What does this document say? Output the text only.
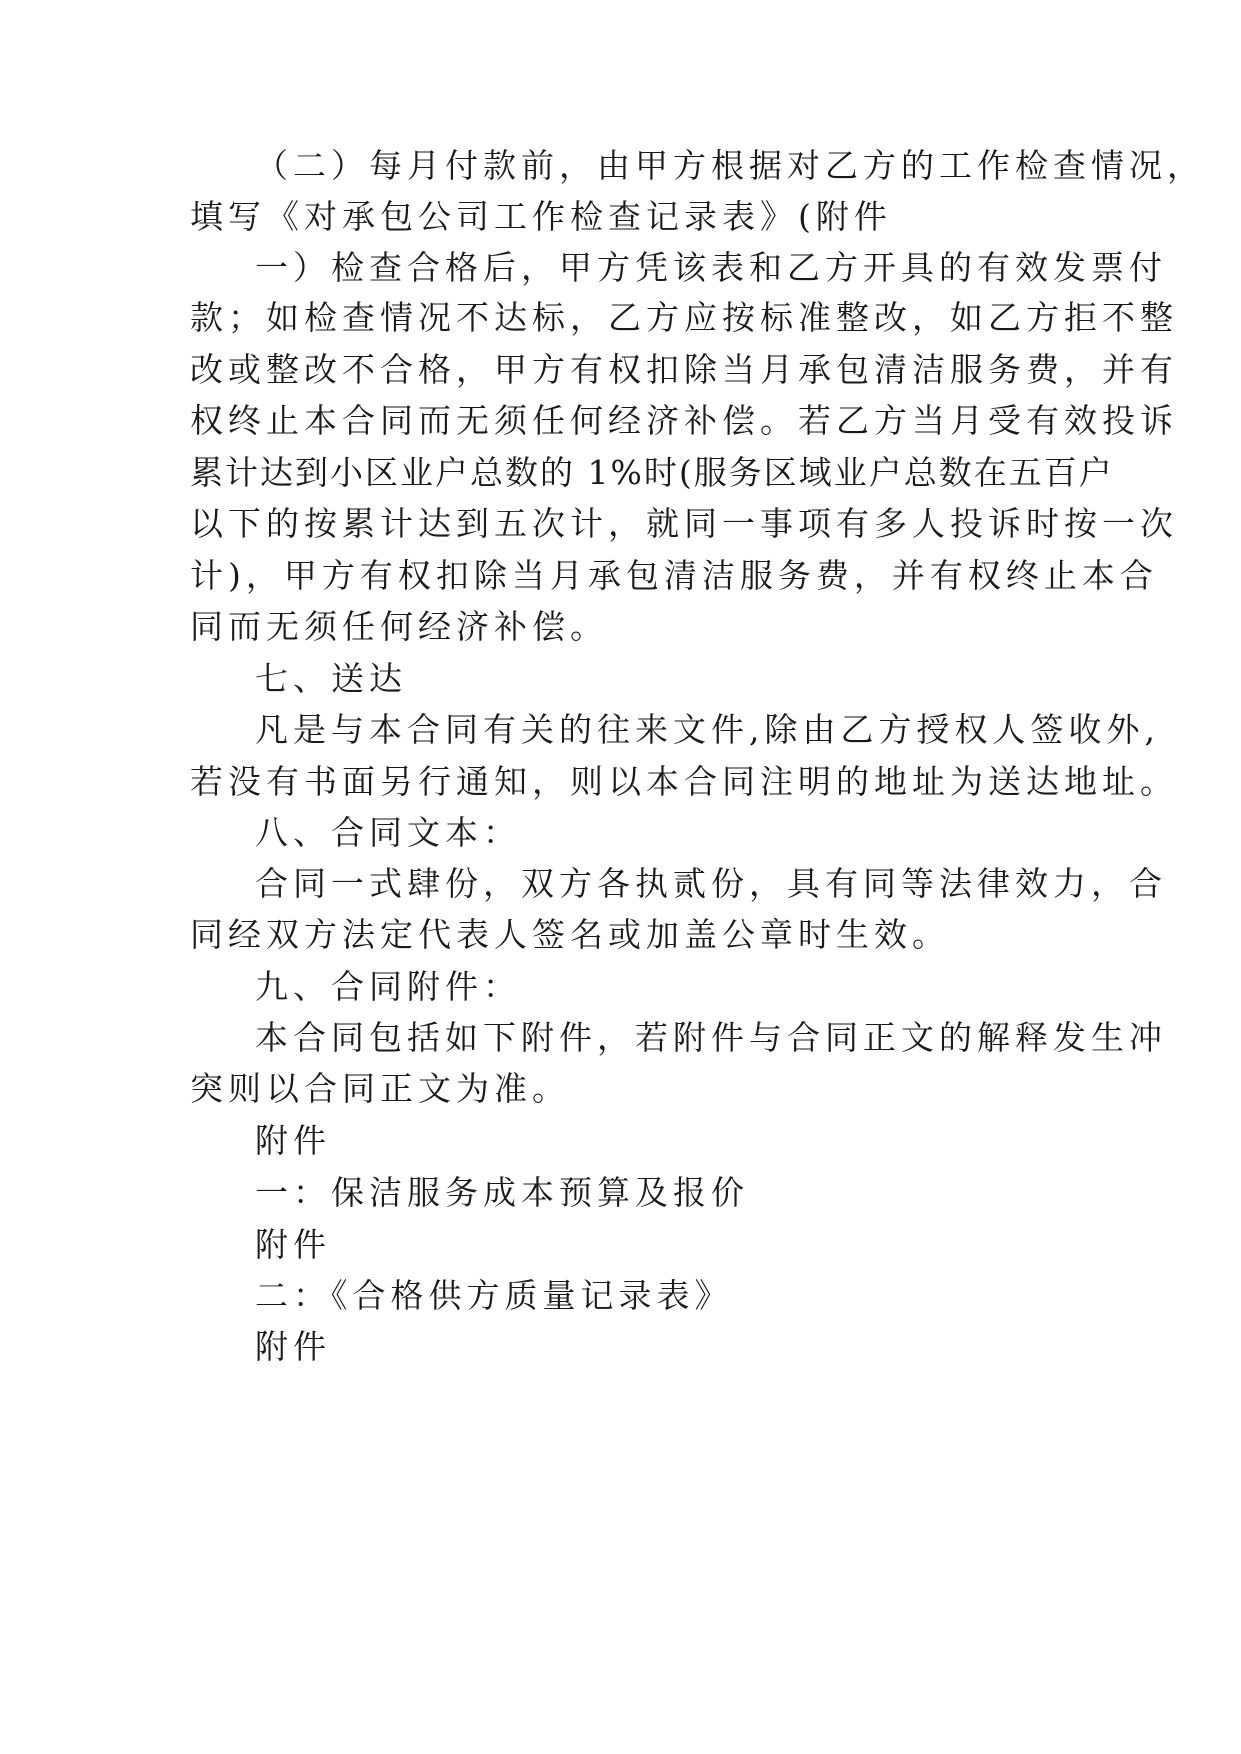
（二）每月付款前，由甲方根据对乙方的工作检查情况，
填写《对承包公司工作检查记录表》(附件
一）检查合格后，甲方凭该表和乙方开具的有效发票付
款；如检查情况不达标，乙方应按标准整改，如乙方拒不整
改或整改不合格，甲方有权扣除当月承包清洁服务费，并有
权终止本合同而无须任何经济补偿。若乙方当月受有效投诉
累计达到小区业户总数的 1%时(服务区域业户总数在五百户
以下的按累计达到五次计，就同一事项有多人投诉时按一次
计)，甲方有权扣除当月承包清洁服务费，并有权终止本合
同而无须任何经济补偿。
七、送达
凡是与本合同有关的往来文件,除由乙方授权人签收外,
若没有书面另行通知，则以本合同注明的地址为送达地址。
八、合同文本：
合同一式肆份，双方各执贰份，具有同等法律效力，合
同经双方法定代表人签名或加盖公章时生效。
九、合同附件：
本合同包括如下附件，若附件与合同正文的解释发生冲
突则以合同正文为准。
附件
一：保洁服务成本预算及报价
附件
二：《合格供方质量记录表》
附件
